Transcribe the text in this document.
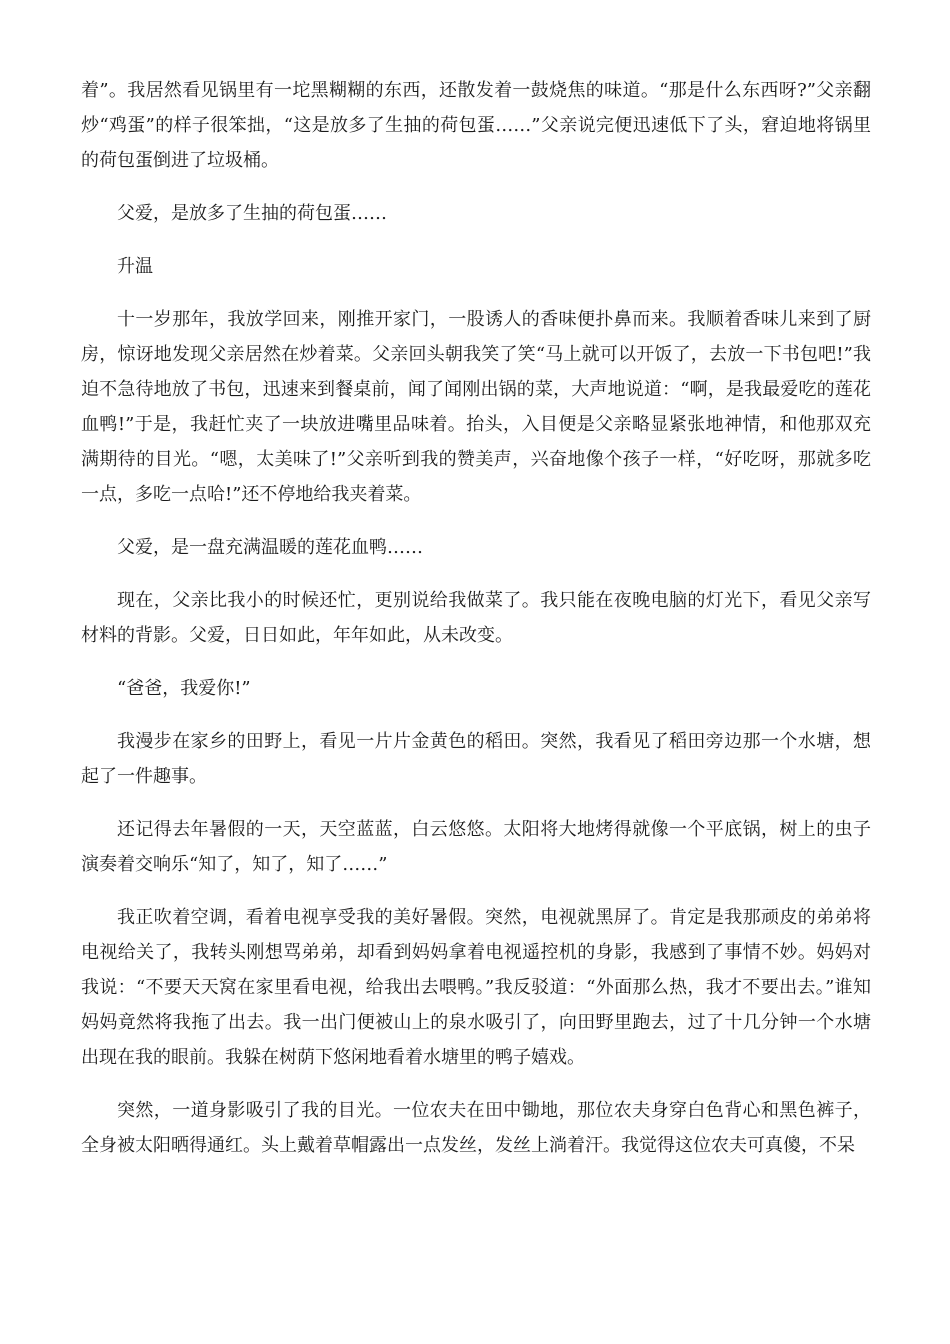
着”。我居然看见锅里有一坨黑糊糊的东西，还散发着一鼓烧焦的味道。“那是什么东西呀?”父亲翻炒“鸡蛋”的样子很笨拙，“这是放多了生抽的荷包蛋……”父亲说完便迅速低下了头，窘迫地将锅里的荷包蛋倒进了垃圾桶。

父爱，是放多了生抽的荷包蛋……

升温

十一岁那年，我放学回来，刚推开家门，一股诱人的香味便扑鼻而来。我顺着香味儿来到了厨房，惊讶地发现父亲居然在炒着菜。父亲回头朝我笑了笑“马上就可以开饭了，去放一下书包吧!”我迫不急待地放了书包，迅速来到餐桌前，闻了闻刚出锅的菜，大声地说道：“啊，是我最爱吃的莲花血鸭!”于是，我赶忙夹了一块放进嘴里品味着。抬头，入目便是父亲略显紧张地神情，和他那双充满期待的目光。“嗯，太美味了!”父亲听到我的赞美声，兴奋地像个孩子一样，“好吃呀，那就多吃一点，多吃一点哈!”还不停地给我夹着菜。

父爱，是一盘充满温暖的莲花血鸭……

现在，父亲比我小的时候还忙，更别说给我做菜了。我只能在夜晚电脑的灯光下，看见父亲写材料的背影。父爱，日日如此，年年如此，从未改变。

“爸爸，我爱你!”

我漫步在家乡的田野上，看见一片片金黄色的稻田。突然，我看见了稻田旁边那一个水塘，想起了一件趣事。

还记得去年暑假的一天，天空蓝蓝，白云悠悠。太阳将大地烤得就像一个平底锅，树上的虫子演奏着交响乐“知了，知了，知了……”

我正吹着空调，看着电视享受我的美好暑假。突然，电视就黑屏了。肯定是我那顽皮的弟弟将电视给关了，我转头刚想骂弟弟，却看到妈妈拿着电视遥控机的身影，我感到了事情不妙。妈妈对我说：“不要天天窝在家里看电视，给我出去喂鸭。”我反驳道：“外面那么热，我才不要出去。”谁知妈妈竟然将我拖了出去。我一出门便被山上的泉水吸引了，向田野里跑去，过了十几分钟一个水塘出现在我的眼前。我躲在树荫下悠闲地看着水塘里的鸭子嬉戏。

突然，一道身影吸引了我的目光。一位农夫在田中锄地，那位农夫身穿白色背心和黑色裤子，全身被太阳晒得通红。头上戴着草帽露出一点发丝，发丝上淌着汗。我觉得这位农夫可真傻，不呆
